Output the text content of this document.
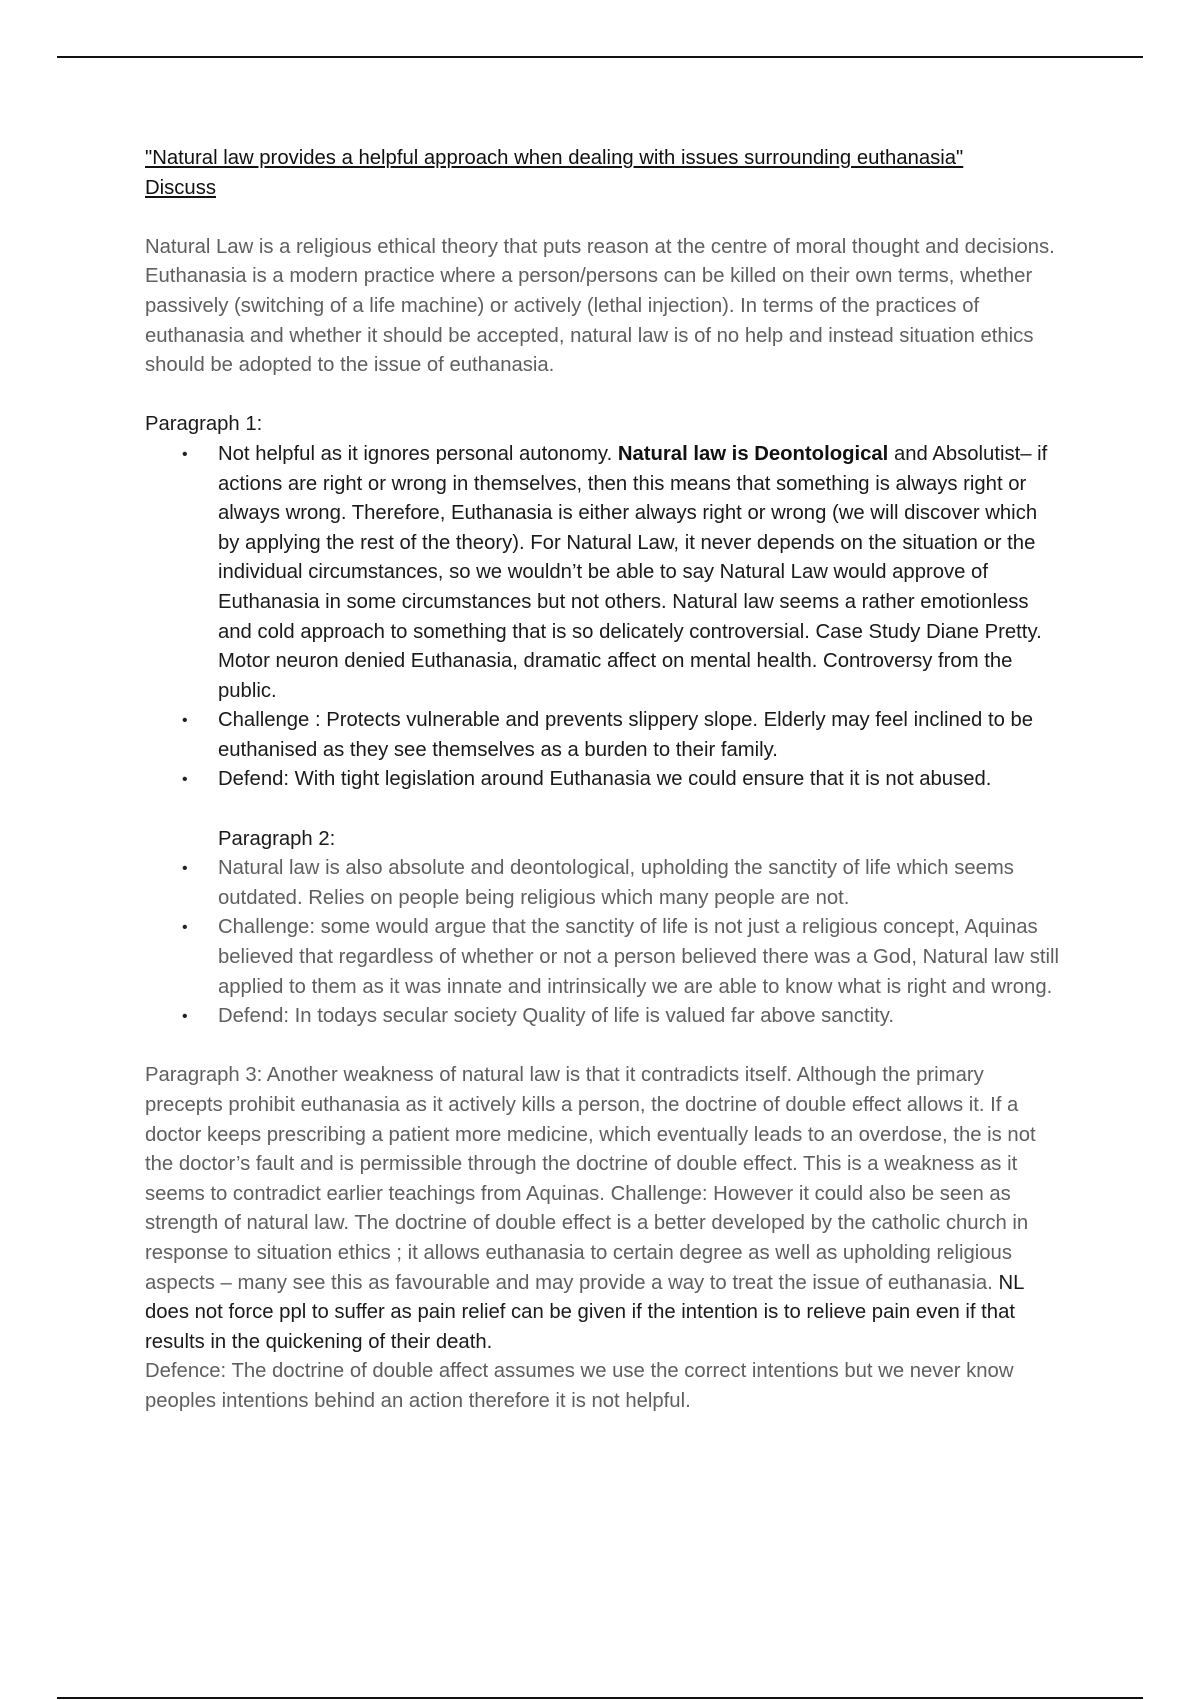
"Natural law provides a helpful approach when dealing with issues surrounding euthanasia"
Discuss

Natural Law is a religious ethical theory that puts reason at the centre of moral thought and decisions. Euthanasia is a modern practice where a person/persons can be killed on their own terms, whether passively (switching of a life machine) or actively (lethal injection). In terms of the practices of euthanasia and whether it should be accepted, natural law is of no help and instead situation ethics should be adopted to the issue of euthanasia.

Paragraph 1:

• Not helpful as it ignores personal autonomy. Natural law is Deontological and Absolutist– if actions are right or wrong in themselves, then this means that something is always right or always wrong. Therefore, Euthanasia is either always right or wrong (we will discover which by applying the rest of the theory). For Natural Law, it never depends on the situation or the individual circumstances, so we wouldn’t be able to say Natural Law would approve of Euthanasia in some circumstances but not others. Natural law seems a rather emotionless and cold approach to something that is so delicately controversial. Case Study Diane Pretty. Motor neuron denied Euthanasia, dramatic affect on mental health. Controversy from the public.
• Challenge : Protects vulnerable and prevents slippery slope. Elderly may feel inclined to be euthanised as they see themselves as a burden to their family.
• Defend: With tight legislation around Euthanasia we could ensure that it is not abused.

Paragraph 2:

• Natural law is also absolute and deontological, upholding the sanctity of life which seems outdated. Relies on people being religious which many people are not.
• Challenge: some would argue that the sanctity of life is not just a religious concept, Aquinas believed that regardless of whether or not a person believed there was a God, Natural law still applied to them as it was innate and intrinsically we are able to know what is right and wrong.
• Defend: In todays secular society Quality of life is valued far above sanctity.

Paragraph 3: Another weakness of natural law is that it contradicts itself. Although the primary precepts prohibit euthanasia as it actively kills a person, the doctrine of double effect allows it. If a doctor keeps prescribing a patient more medicine, which eventually leads to an overdose, the is not the doctor’s fault and is permissible through the doctrine of double effect. This is a weakness as it seems to contradict earlier teachings from Aquinas. Challenge: However it could also be seen as strength of natural law. The doctrine of double effect is a better developed by the catholic church in response to situation ethics ; it allows euthanasia to certain degree as well as upholding religious aspects – many see this as favourable and may provide a way to treat the issue of euthanasia. NL does not force ppl to suffer as pain relief can be given if the intention is to relieve pain even if that results in the quickening of their death.

Defence: The doctrine of double affect assumes we use the correct intentions but we never know peoples intentions behind an action therefore it is not helpful.
